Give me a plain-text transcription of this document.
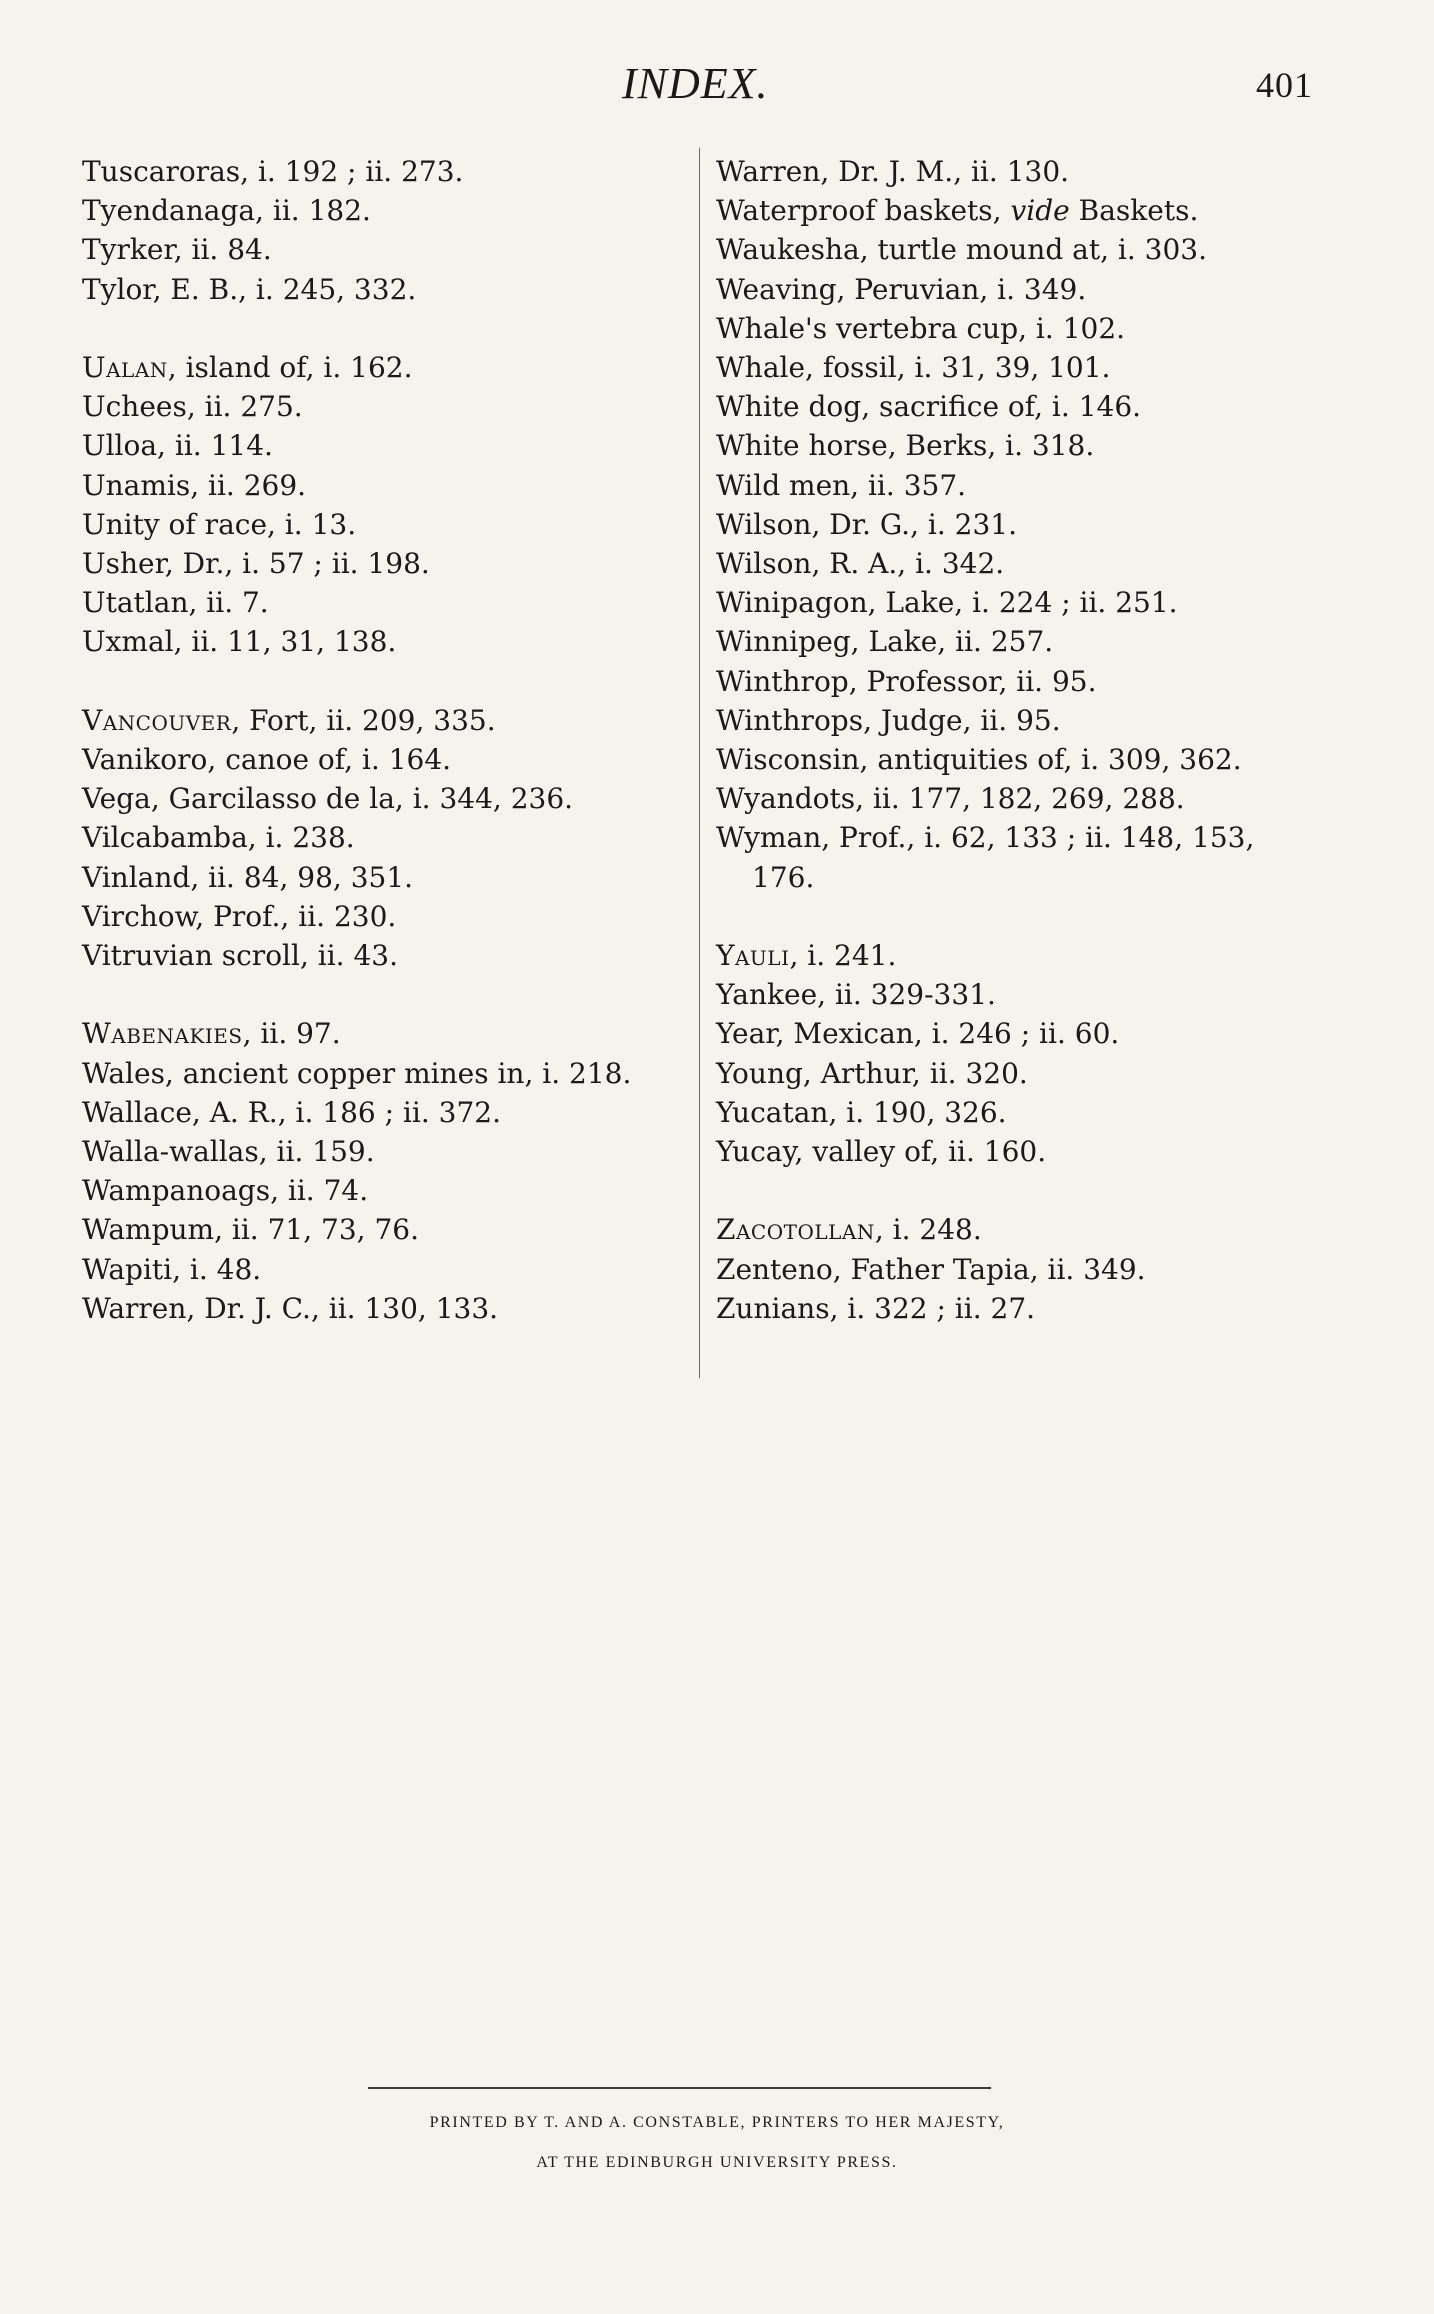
INDEX.	401
Tuscaroras, i. 192 ; ii. 273.
Tyendanaga, ii. 182.
Tyrker, ii. 84.
Tylor, E. B., i. 245, 332.
Ualan, island of, i. 162.
Uchees, ii. 275.
Ulloa, ii. 114.
Unamis, ii. 269.
Unity of race, i. 13.
Usher, Dr., i. 57 ; ii. 198.
Utatlan, ii. 7.
Uxmal, ii. 11, 31, 138.
Vancouver, Fort, ii. 209, 335.
Vanikoro, canoe of, i. 164.
Vega, Garcilasso de la, i. 344, 236.
Vilcabamba, i. 238.
Vinland, ii. 84, 98, 351.
Virchow, Prof., ii. 230.
Vitruvian scroll, ii. 43.
Wabenakies, ii. 97.
Wales, ancient copper mines in, i. 218.
Wallace, A. R., i. 186 ; ii. 372.
Walla-wallas, ii. 159.
Wampanoags, ii. 74.
Wampum, ii. 71, 73, 76.
Wapiti, i. 48.
Warren, Dr. J. C., ii. 130, 133.
Warren, Dr. J. M., ii. 130.
Waterproof baskets, vide Baskets.
Waukesha, turtle mound at, i. 303.
Weaving, Peruvian, i. 349.
Whale's vertebra cup, i. 102.
Whale, fossil, i. 31, 39, 101.
White dog, sacrifice of, i. 146.
White horse, Berks, i. 318.
Wild men, ii. 357.
Wilson, Dr. G., i. 231.
Wilson, R. A., i. 342.
Winipagon, Lake, i. 224 ; ii. 251.
Winnipeg, Lake, ii. 257.
Winthrop, Professor, ii. 95.
Winthrops, Judge, ii. 95.
Wisconsin, antiquities of, i. 309, 362.
Wyandots, ii. 177, 182, 269, 288.
Wyman, Prof., i. 62, 133 ; ii. 148, 153,
176.
Yauli, i. 241.
Yankee, ii. 329-331.
Year, Mexican, i. 246 ; ii. 60.
Young, Arthur, ii. 320.
Yucatan, i. 190, 326.
Yucay, valley of, ii. 160.
Zacotollan, i. 248.
Zenteno, Father Tapia, ii. 349.
Zunians, i. 322 ; ii. 27.
PRINTED BY T. AND A. CONSTABLE, PRINTERS TO HER MAJESTY,
AT THE EDINBURGH UNIVERSITY PRESS.
